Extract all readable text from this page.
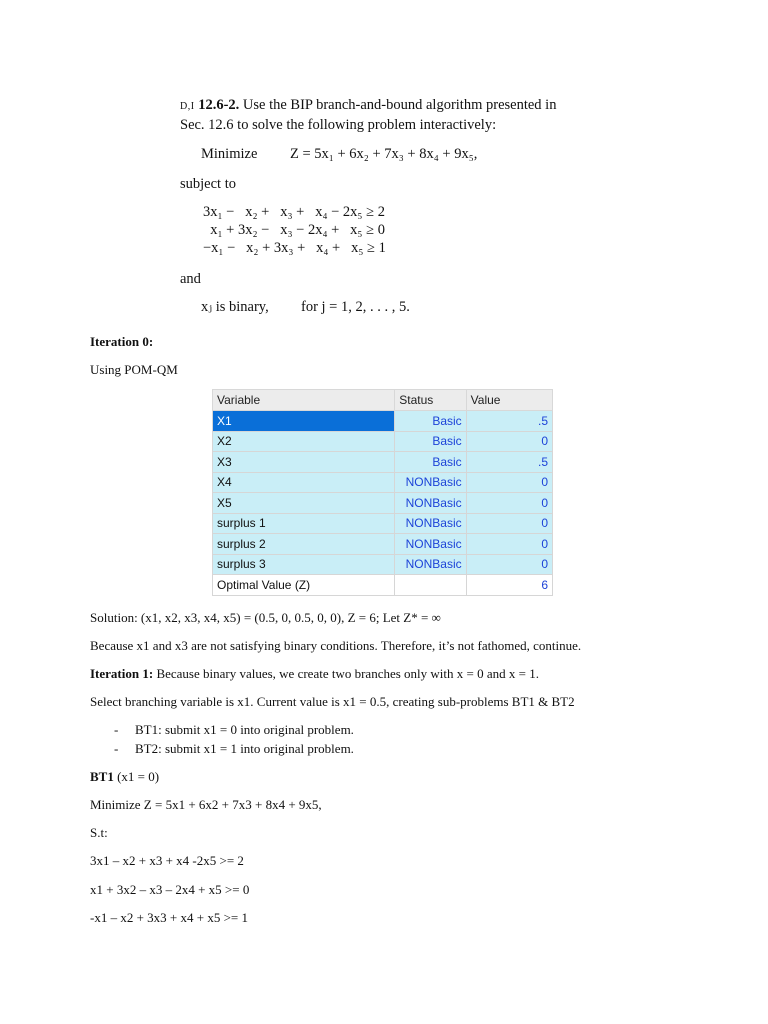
D,I 12.6-2. Use the BIP branch-and-bound algorithm presented in
Sec. 12.6 to solve the following problem interactively:
Minimize Z = 5x₁ + 6x₂ + 7x₃ + 8x₄ + 9x₅,
subject to
3x₁ −   x₂ +   x₃ +   x₄ − 2x₅ ≥ 2
x₁ + 3x₂ −   x₃ − 2x₄ +   x₅ ≥ 0
−x₁ −   x₂ + 3x₃ +   x₄ +   x₅ ≥ 1
and
xⱼ is binary, for j = 1, 2, . . . , 5.
Iteration 0:
Using POM-QM
Variable	Status	Value
X1	Basic	.5
X2	Basic	0
X3	Basic	.5
X4	NONBasic	0
X5	NONBasic	0
surplus 1	NONBasic	0
surplus 2	NONBasic	0
surplus 3	NONBasic	0
Optimal Value (Z)		6
Solution: (x1, x2, x3, x4, x5) = (0.5, 0, 0.5, 0, 0), Z = 6; Let Z* = ∞
Because x1 and x3 are not satisfying binary conditions. Therefore, it’s not fathomed, continue.
Iteration 1: Because binary values, we create two branches only with x = 0 and x = 1.
Select branching variable is x1. Current value is x1 = 0.5, creating sub-problems BT1 & BT2
- BT1: submit x1 = 0 into original problem.
- BT2: submit x1 = 1 into original problem.
BT1 (x1 = 0)
Minimize Z = 5x1 + 6x2 + 7x3 + 8x4 + 9x5,
S.t:
3x1 – x2 + x3 + x4 -2x5 >= 2
x1 + 3x2 – x3 – 2x4 + x5 >= 0
-x1 – x2 + 3x3 + x4 + x5 >= 1
